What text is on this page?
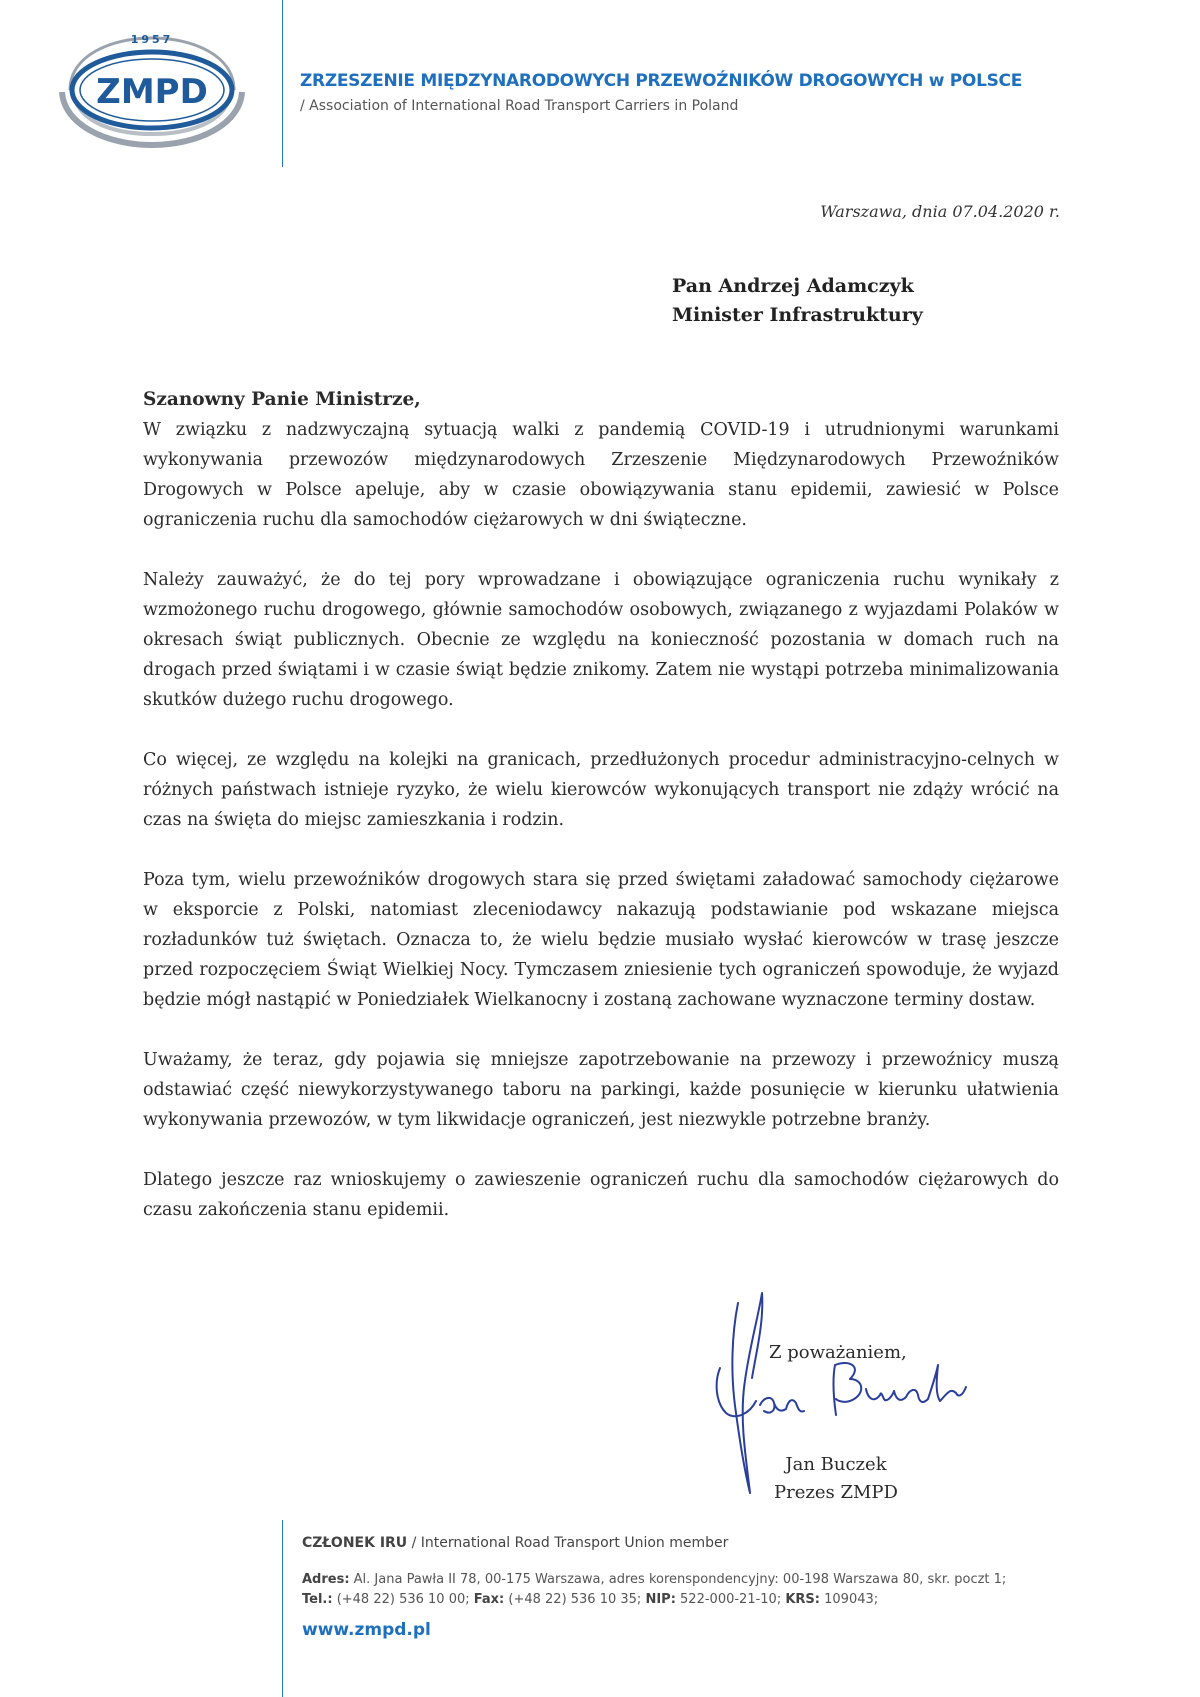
ZMPD
1957
ZRZESZENIE MIĘDZYNARODOWYCH PRZEWOŹNIKÓW DROGOWYCH w POLSCE
/ Association of International Road Transport Carriers in Poland
Warszawa, dnia 07.04.2020 r.
Pan Andrzej Adamczyk
Minister Infrastruktury
Szanowny Panie Ministrze,

W związku z nadzwyczajną sytuacją walki z pandemią COVID-19 i utrudnionymi warunkami wykonywania przewozów międzynarodowych Zrzeszenie Międzynarodowych Przewoźników Drogowych w Polsce apeluje, aby w czasie obowiązywania stanu epidemii, zawiesić w Polsce ograniczenia ruchu dla samochodów ciężarowych w dni świąteczne.

Należy zauważyć, że do tej pory wprowadzane i obowiązujące ograniczenia ruchu wynikały z wzmożonego ruchu drogowego, głównie samochodów osobowych, związanego z wyjazdami Polaków w okresach świąt publicznych. Obecnie ze względu na konieczność pozostania w domach ruch na drogach przed świątami i w czasie świąt będzie znikomy. Zatem nie wystąpi potrzeba minimalizowania skutków dużego ruchu drogowego.

Co więcej, ze względu na kolejki na granicach, przedłużonych procedur administracyjno-celnych w różnych państwach istnieje ryzyko, że wielu kierowców wykonujących transport nie zdąży wrócić na czas na święta do miejsc zamieszkania i rodzin.

Poza tym, wielu przewoźników drogowych stara się przed świętami załadować samochody ciężarowe w eksporcie z Polski, natomiast zleceniodawcy nakazują podstawianie pod wskazane miejsca rozładunków tuż świętach. Oznacza to, że wielu będzie musiało wysłać kierowców w trasę jeszcze przed rozpoczęciem Świąt Wielkiej Nocy. Tymczasem zniesienie tych ograniczeń spowoduje, że wyjazd będzie mógł nastąpić w Poniedziałek Wielkanocny i zostaną zachowane wyznaczone terminy dostaw.

Uważamy, że teraz, gdy pojawia się mniejsze zapotrzebowanie na przewozy i przewoźnicy muszą odstawiać część niewykorzystywanego taboru na parkingi, każde posunięcie w kierunku ułatwienia wykonywania przewozów, w tym likwidacje ograniczeń, jest niezwykle potrzebne branży.

Dlatego jeszcze raz wnioskujemy o zawieszenie ograniczeń ruchu dla samochodów ciężarowych do czasu zakończenia stanu epidemii.

Z poważaniem,
Jan Buczek
Prezes ZMPD
CZŁONEK IRU / International Road Transport Union member
Adres: Al. Jana Pawła II 78, 00-175 Warszawa, adres korenspondencyjny: 00-198 Warszawa 80, skr. poczt 1;
Tel.: (+48 22) 536 10 00; Fax: (+48 22) 536 10 35; NIP: 522-000-21-10; KRS: 109043;
www.zmpd.pl
